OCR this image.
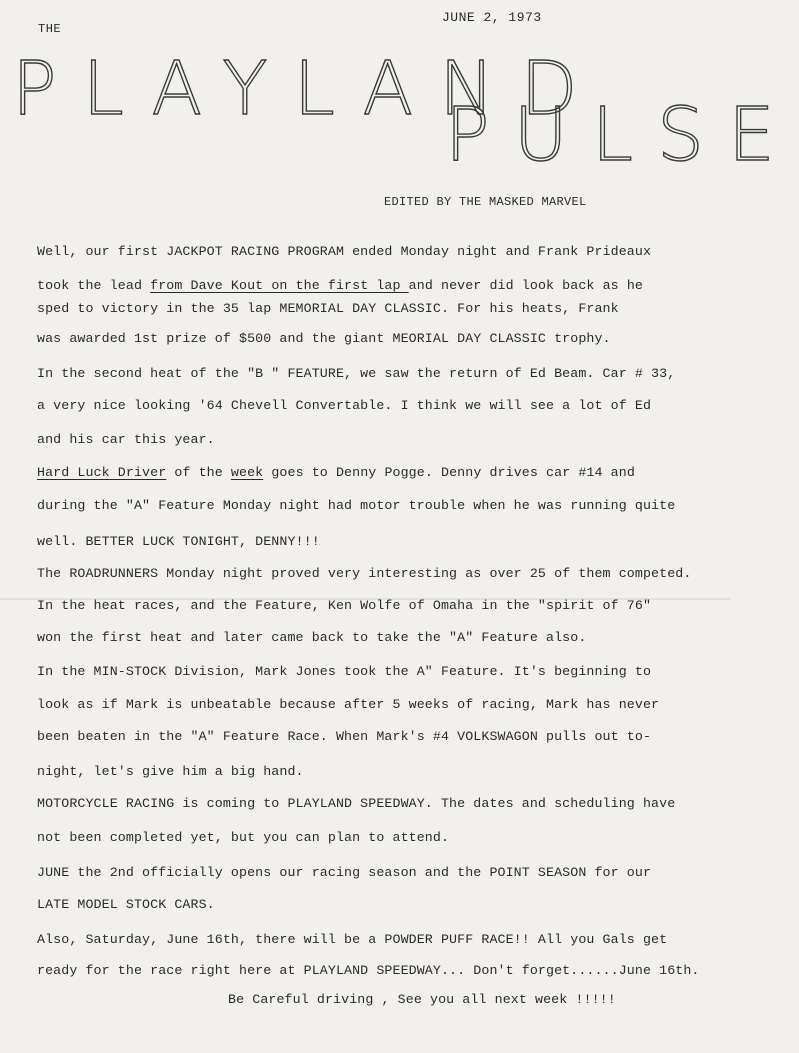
THE
JUNE 2, 1973
PLAYLAND
PULSE
EDITED BY THE MASKED MARVEL
Well, our first JACKPOT RACING PROGRAM ended Monday night and Frank Prideaux
took the lead from Dave Kout on the first lap and never did look back as he
sped to victory in the 35 lap MEMORIAL DAY CLASSIC. For his heats, Frank
was awarded 1st prize of $500 and the giant MEORIAL DAY CLASSIC trophy.
In the second heat of the "B " FEATURE, we saw the return of Ed Beam. Car # 33,
a very nice looking '64 Chevell Convertable. I think we will see a lot of Ed
and his car this year.
Hard Luck Driver of the week goes to Denny Pogge. Denny drives car #14 and
during the "A" Feature Monday night had motor trouble when he was running quite
well. BETTER LUCK TONIGHT, DENNY!!!
The ROADRUNNERS Monday night proved very interesting as over 25 of them competed.
In the heat races, and the Feature, Ken Wolfe of Omaha in the "spirit of 76"
won the first heat and later came back to take the "A" Feature also.
In the MIN-STOCK Division, Mark Jones took the A" Feature. It's beginning to
look as if Mark is unbeatable because after 5 weeks of racing, Mark has never
been beaten in the "A" Feature Race. When Mark's #4 VOLKSWAGON pulls out to-
night, let's give him a big hand.
MOTORCYCLE RACING is coming to PLAYLAND SPEEDWAY. The dates and scheduling have
not been completed yet, but you can plan to attend.
JUNE the 2nd officially opens our racing season and the POINT SEASON for our
LATE MODEL STOCK CARS.
Also, Saturday, June 16th, there will be a POWDER PUFF RACE!! All you Gals get
ready for the race right here at PLAYLAND SPEEDWAY... Don't forget......June 16th.
Be Careful driving , See you all next week !!!!!
